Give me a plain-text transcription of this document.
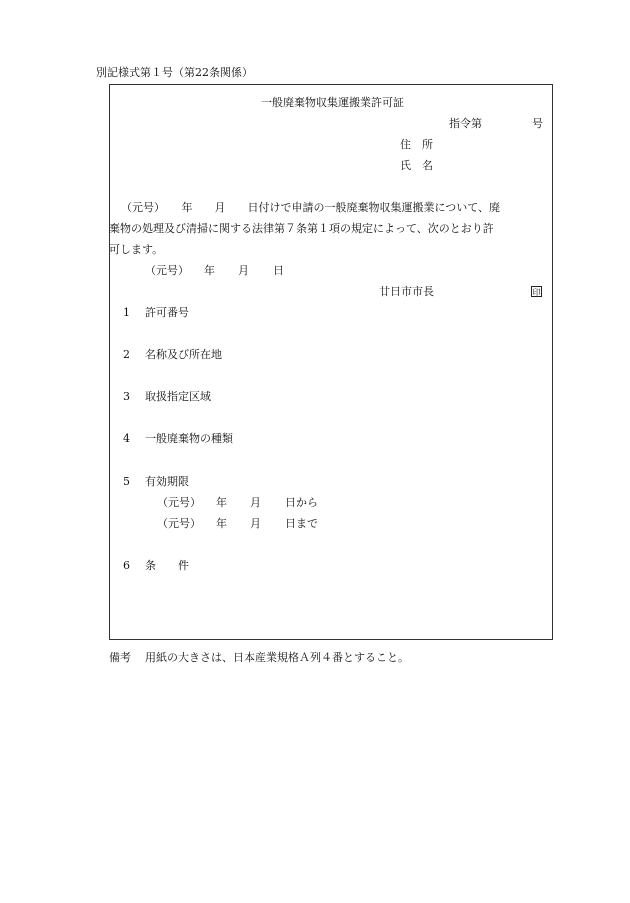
別記様式第１号（第22条関係）
一般廃棄物収集運搬業許可証
指令第	号
住　所
氏　名
（元号）　　年　　月　　日付けで申請の一般廃棄物収集運搬業について、廃
棄物の処理及び清掃に関する法律第７条第１項の規定によって、次のとおり許
可します。
（元号） 年 月 日
廿日市市長	印
1 許可番号
2 名称及び所在地
3 取扱指定区域
4 一般廃棄物の種類
5 有効期限
（元号） 年 月 日から
（元号） 年 月 日まで
6 条　　件
備考 用紙の大きさは、日本産業規格Ａ列４番とすること。
